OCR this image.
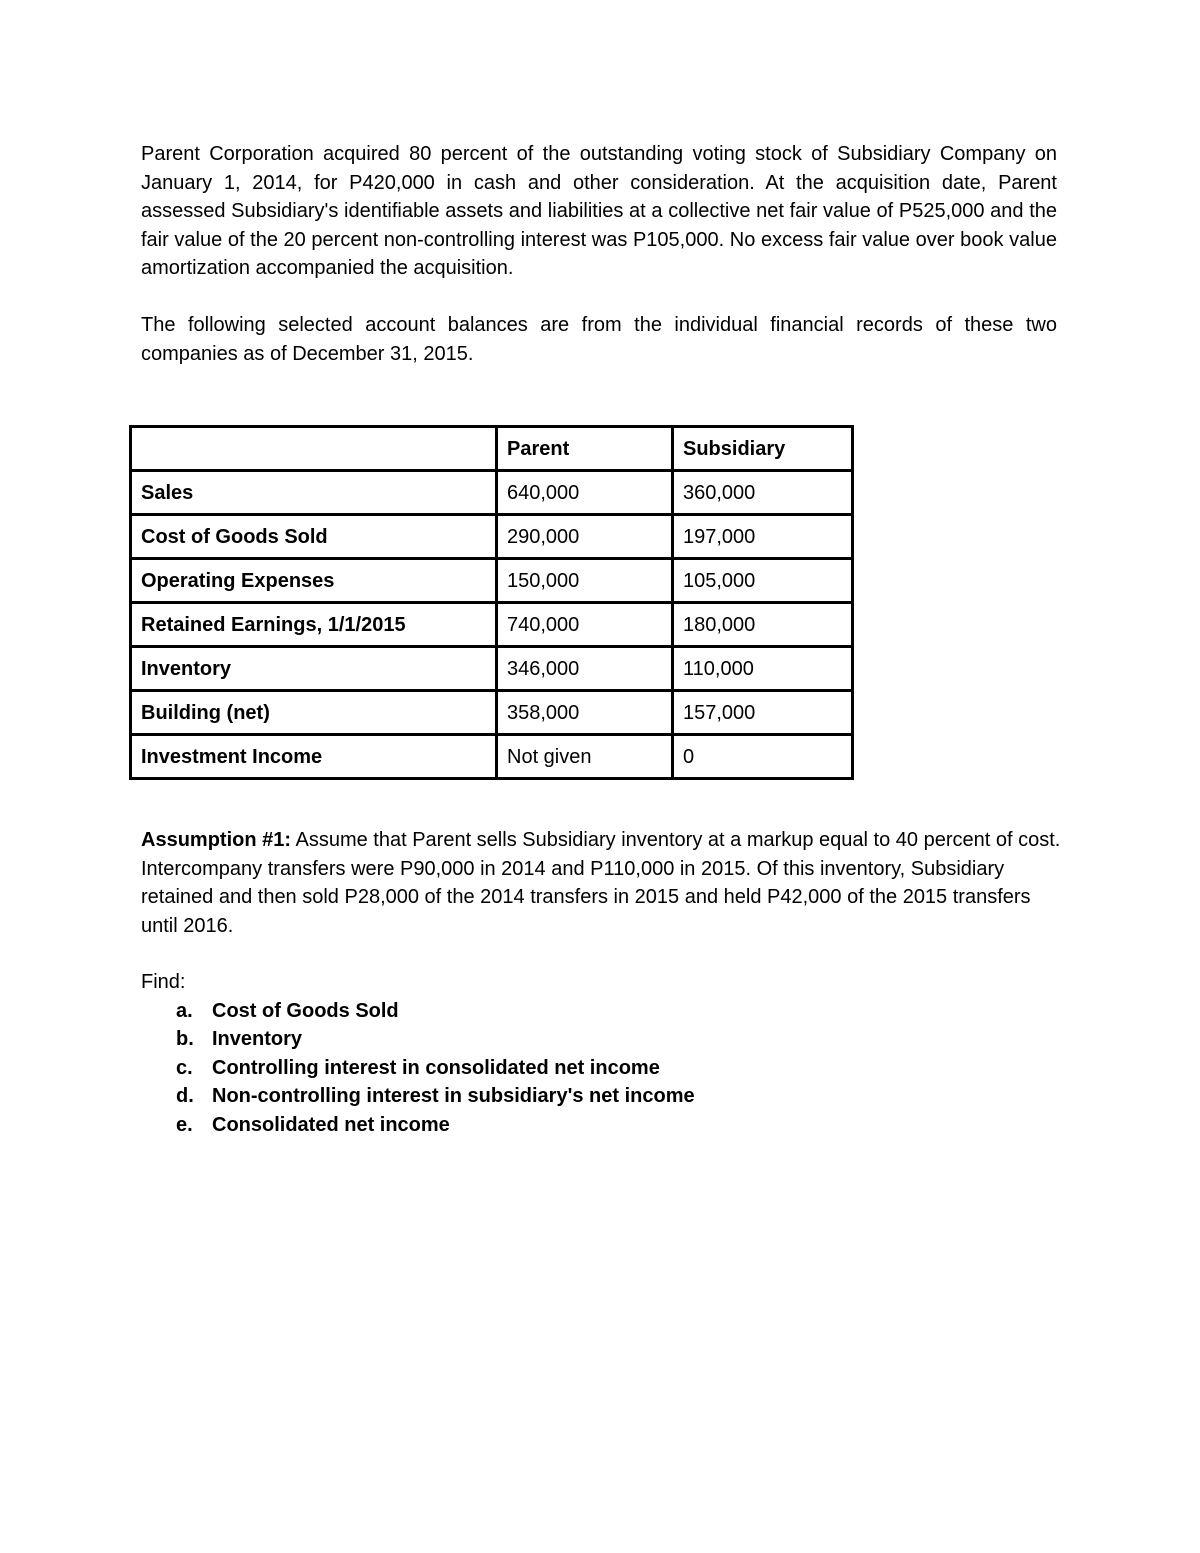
Parent Corporation acquired 80 percent of the outstanding voting stock of Subsidiary Company on January 1, 2014, for P420,000 in cash and other consideration. At the acquisition date, Parent assessed Subsidiary's identifiable assets and liabilities at a collective net fair value of P525,000 and the fair value of the 20 percent non-controlling interest was P105,000. No excess fair value over book value amortization accompanied the acquisition.

The following selected account balances are from the individual financial records of these two companies as of December 31, 2015.

	Parent	Subsidiary
Sales	640,000	360,000
Cost of Goods Sold	290,000	197,000
Operating Expenses	150,000	105,000
Retained Earnings, 1/1/2015	740,000	180,000
Inventory	346,000	110,000
Building (net)	358,000	157,000
Investment Income	Not given	0

Assumption #1: Assume that Parent sells Subsidiary inventory at a markup equal to 40 percent of cost. Intercompany transfers were P90,000 in 2014 and P110,000 in 2015. Of this inventory, Subsidiary retained and then sold P28,000 of the 2014 transfers in 2015 and held P42,000 of the 2015 transfers until 2016.

Find:

a. Cost of Goods Sold
b. Inventory
c. Controlling interest in consolidated net income
d. Non-controlling interest in subsidiary's net income
e. Consolidated net income
